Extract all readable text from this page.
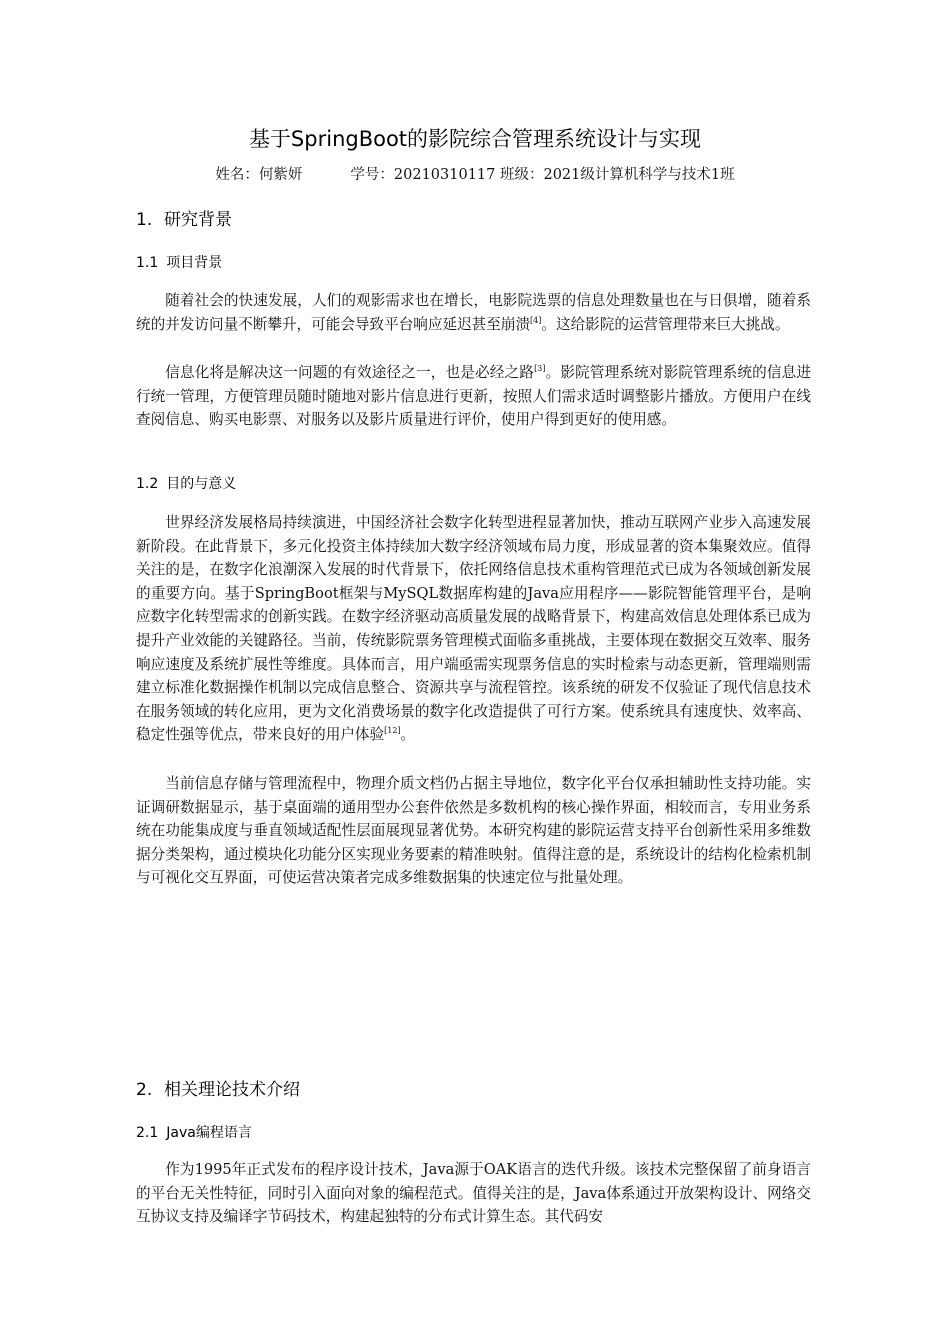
基于SpringBoot的影院综合管理系统设计与实现
姓名：何紫妍	学号：20210310117 班级：2021级计算机科学与技术1班
1. 研究背景
1.1 项目背景

随着社会的快速发展，人们的观影需求也在增长，电影院选票的信息处理数量也在与日俱增，随着系统的并发访问量不断攀升，可能会导致平台响应延迟甚至崩溃[4]。这给影院的运营管理带来巨大挑战。

信息化将是解决这一问题的有效途径之一，也是必经之路[3]。影院管理系统对影院管理系统的信息进行统一管理，方便管理员随时随地对影片信息进行更新，按照人们需求适时调整影片播放。方便用户在线查阅信息、购买电影票、对服务以及影片质量进行评价，使用户得到更好的使用感。

1.2 目的与意义

世界经济发展格局持续演进，中国经济社会数字化转型进程显著加快，推动互联网产业步入高速发展新阶段。在此背景下，多元化投资主体持续加大数字经济领域布局力度，形成显著的资本集聚效应。值得关注的是，在数字化浪潮深入发展的时代背景下，依托网络信息技术重构管理范式已成为各领域创新发展的重要方向。基于SpringBoot框架与MySQL数据库构建的Java应用程序——影院智能管理平台，是响应数字化转型需求的创新实践。在数字经济驱动高质量发展的战略背景下，构建高效信息处理体系已成为提升产业效能的关键路径。当前，传统影院票务管理模式面临多重挑战，主要体现在数据交互效率、服务响应速度及系统扩展性等维度。具体而言，用户端亟需实现票务信息的实时检索与动态更新，管理端则需建立标准化数据操作机制以完成信息整合、资源共享与流程管控。该系统的研发不仅验证了现代信息技术在服务领域的转化应用，更为文化消费场景的数字化改造提供了可行方案。使系统具有速度快、效率高、稳定性强等优点，带来良好的用户体验[12]。

当前信息存储与管理流程中，物理介质文档仍占据主导地位，数字化平台仅承担辅助性支持功能。实证调研数据显示，基于桌面端的通用型办公套件依然是多数机构的核心操作界面，相较而言，专用业务系统在功能集成度与垂直领域适配性层面展现显著优势。本研究构建的影院运营支持平台创新性采用多维数据分类架构，通过模块化功能分区实现业务要素的精准映射。值得注意的是，系统设计的结构化检索机制与可视化交互界面，可使运营决策者完成多维数据集的快速定位与批量处理。

2. 相关理论技术介绍
2.1 Java编程语言

作为1995年正式发布的程序设计技术，Java源于OAK语言的迭代升级。该技术完整保留了前身语言的平台无关性特征，同时引入面向对象的编程范式。值得关注的是，Java体系通过开放架构设计、网络交互协议支持及编译字节码技术，构建起独特的分布式计算生态。其代码安
